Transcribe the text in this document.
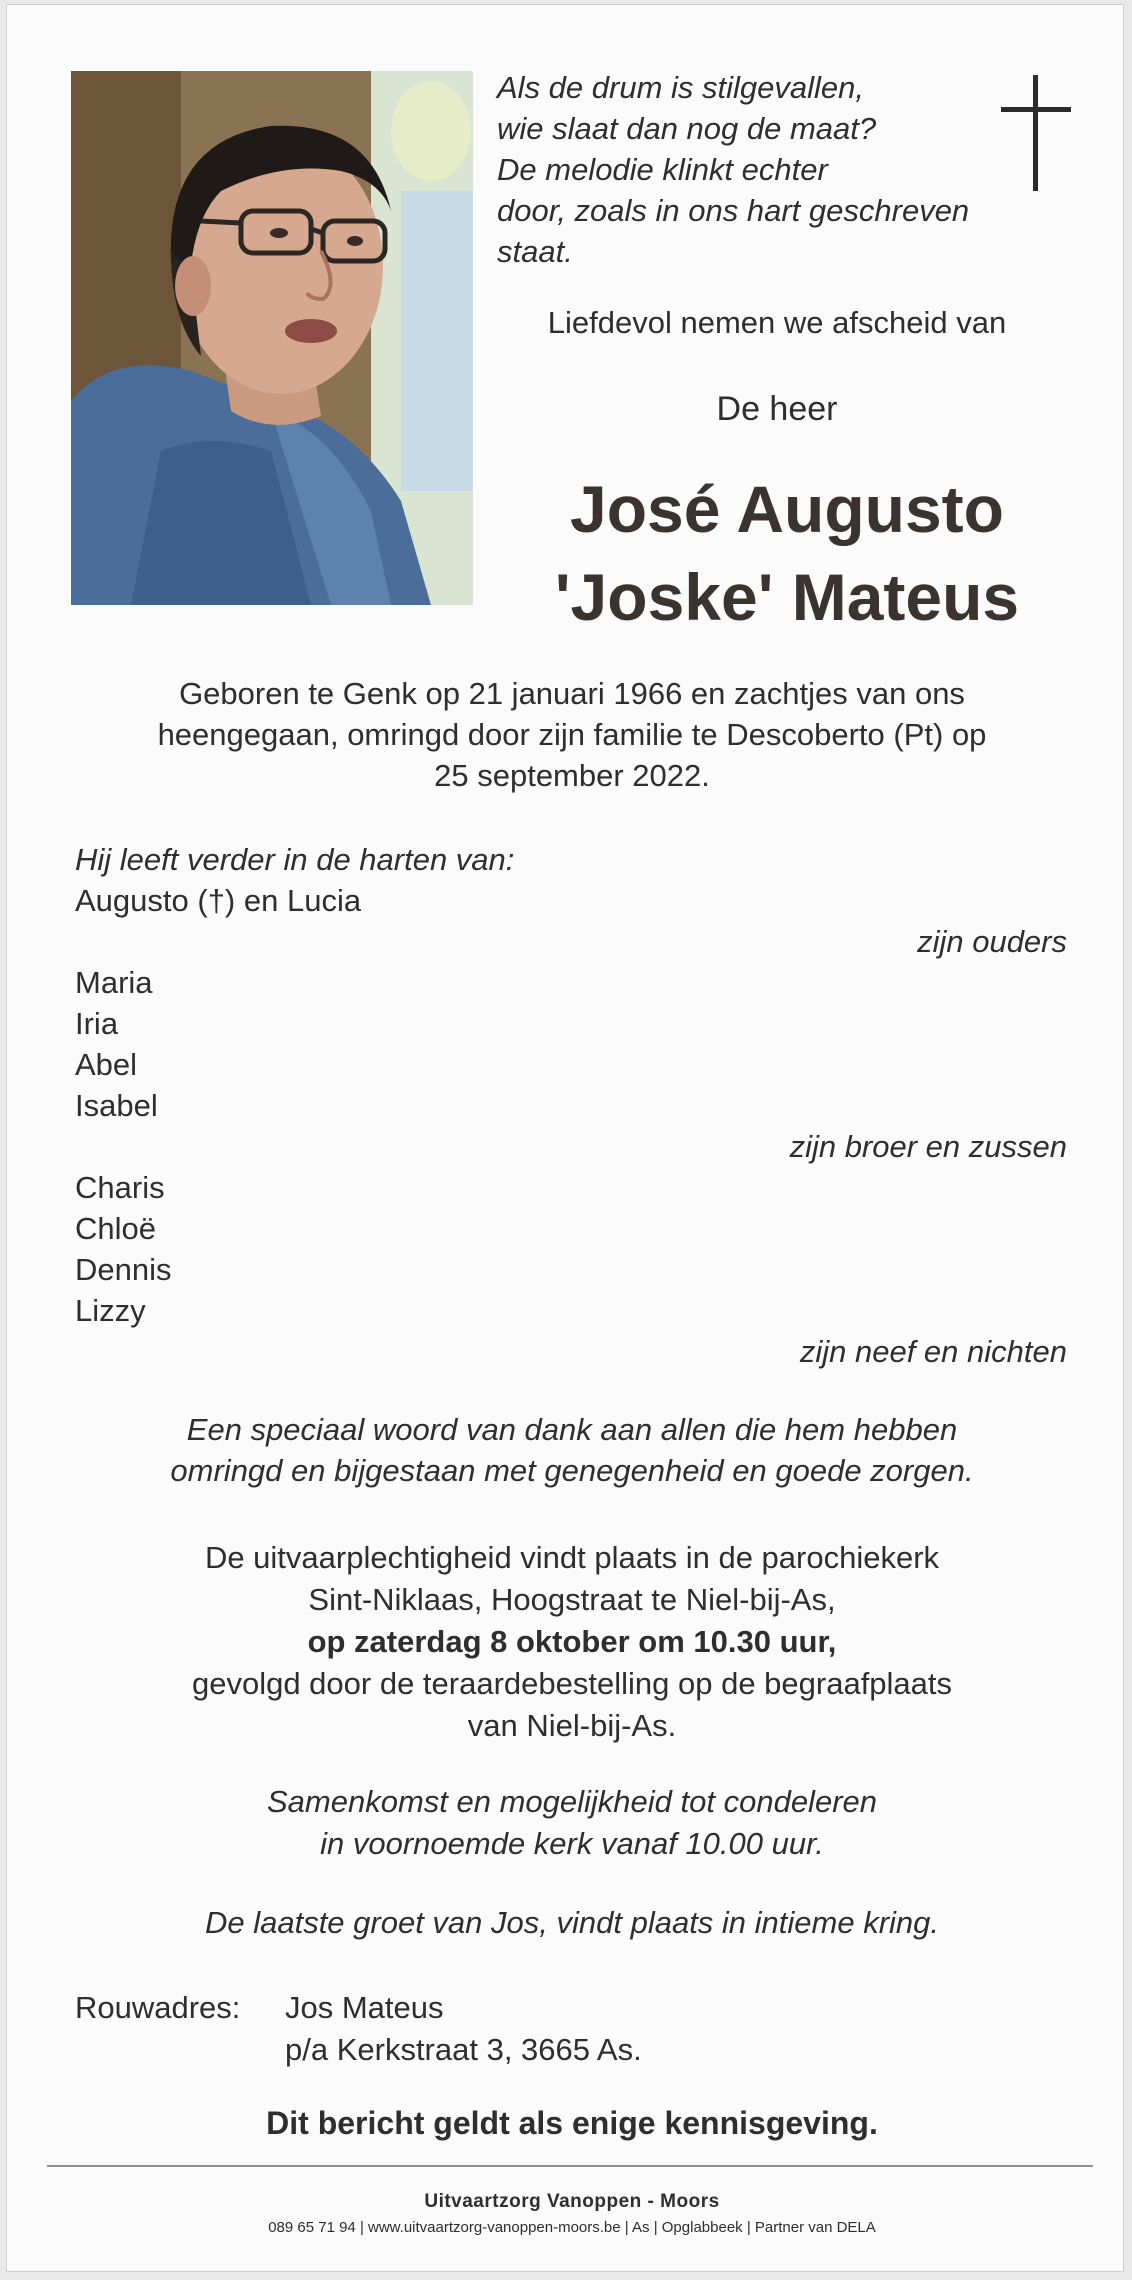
Als de drum is stilgevallen,
wie slaat dan nog de maat?
De melodie klinkt echter
door, zoals in ons hart geschreven
staat.
Liefdevol nemen we afscheid van
De heer
José Augusto
'Joske' Mateus
Geboren te Genk op 21 januari 1966 en zachtjes van ons
heengegaan, omringd door zijn familie te Descoberto (Pt) op
25 september 2022.
Hij leeft verder in de harten van:
Augusto (†) en Lucia
zijn ouders
Maria
Iria
Abel
Isabel
zijn broer en zussen
Charis
Chloë
Dennis
Lizzy
zijn neef en nichten
Een speciaal woord van dank aan allen die hem hebben
omringd en bijgestaan met genegenheid en goede zorgen.
De uitvaarplechtigheid vindt plaats in de parochiekerk
Sint-Niklaas, Hoogstraat te Niel-bij-As,
op zaterdag 8 oktober om 10.30 uur,
gevolgd door de teraardebestelling op de begraafplaats
van Niel-bij-As.
Samenkomst en mogelijkheid tot condeleren
in voornoemde kerk vanaf 10.00 uur.
De laatste groet van Jos, vindt plaats in intieme kring.
Rouwadres: Jos Mateus
p/a Kerkstraat 3, 3665 As.
Dit bericht geldt als enige kennisgeving.
Uitvaartzorg Vanoppen - Moors
089 65 71 94 | www.uitvaartzorg-vanoppen-moors.be | As | Opglabbeek | Partner van DELA
